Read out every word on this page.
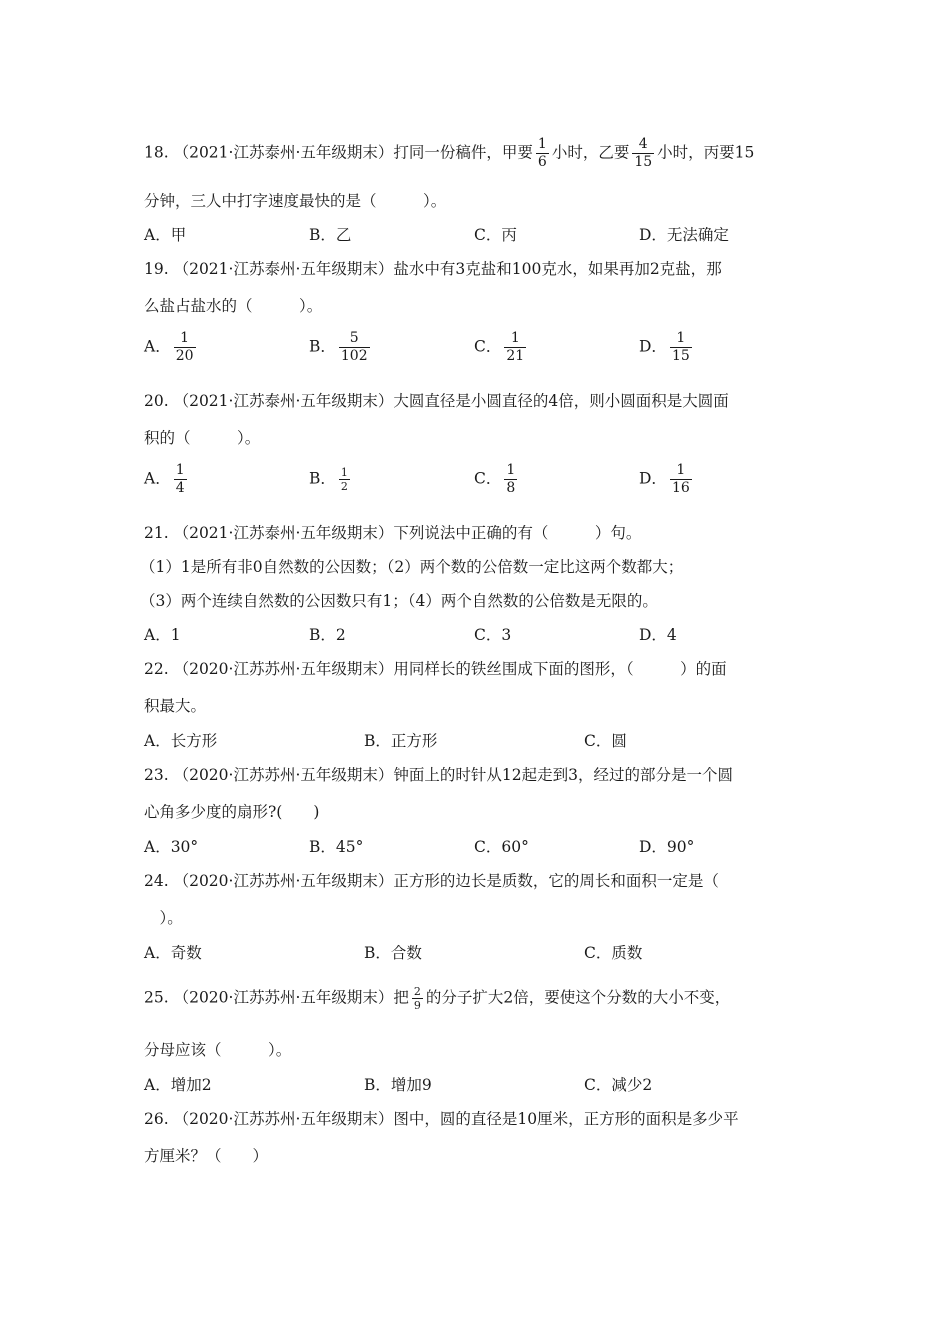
18. （2021·江苏泰州·五年级期末）打同一份稿件，甲要 $\frac{1}{6}$ 小时，乙要 $\frac{4}{15}$ 小时，丙要15
分钟，三人中打字速度最快的是（　　　）。
A．甲	B．乙	C．丙	D．无法确定
19. （2021·江苏泰州·五年级期末）盐水中有3克盐和100克水，如果再加2克盐，那
么盐占盐水的（　　　）。
A． $\frac{1}{20}$	B． $\frac{5}{102}$	C． $\frac{1}{21}$	D． $\frac{1}{15}$
20. （2021·江苏泰州·五年级期末）大圆直径是小圆直径的4倍，则小圆面积是大圆面
积的（　　　）。
A． $\frac{1}{4}$	B． $\frac{1}{2}$	C． $\frac{1}{8}$	D． $\frac{1}{16}$
21. （2021·江苏泰州·五年级期末）下列说法中正确的有（　　　）句。
（1）1是所有非0自然数的公因数；（2）两个数的公倍数一定比这两个数都大；
（3）两个连续自然数的公因数只有1；（4）两个自然数的公倍数是无限的。
A．1	B．2	C．3	D．4
22. （2020·江苏苏州·五年级期末）用同样长的铁丝围成下面的图形，（　　　）的面
积最大。
A．长方形	B．正方形	C．圆
23. （2020·江苏苏州·五年级期末）钟面上的时针从12起走到3，经过的部分是一个圆
心角多少度的扇形?(　　)
A．30°	B．45°	C．60°	D．90°
24. （2020·江苏苏州·五年级期末）正方形的边长是质数，它的周长和面积一定是（
　）。
A．奇数	B．合数	C．质数
25. （2020·江苏苏州·五年级期末）把 $\frac{2}{9}$ 的分子扩大2倍，要使这个分数的大小不变，
分母应该（　　　）。
A．增加2	B．增加9	C．减少2
26. （2020·江苏苏州·五年级期末）图中，圆的直径是10厘米，正方形的面积是多少平
方厘米？（　　）
